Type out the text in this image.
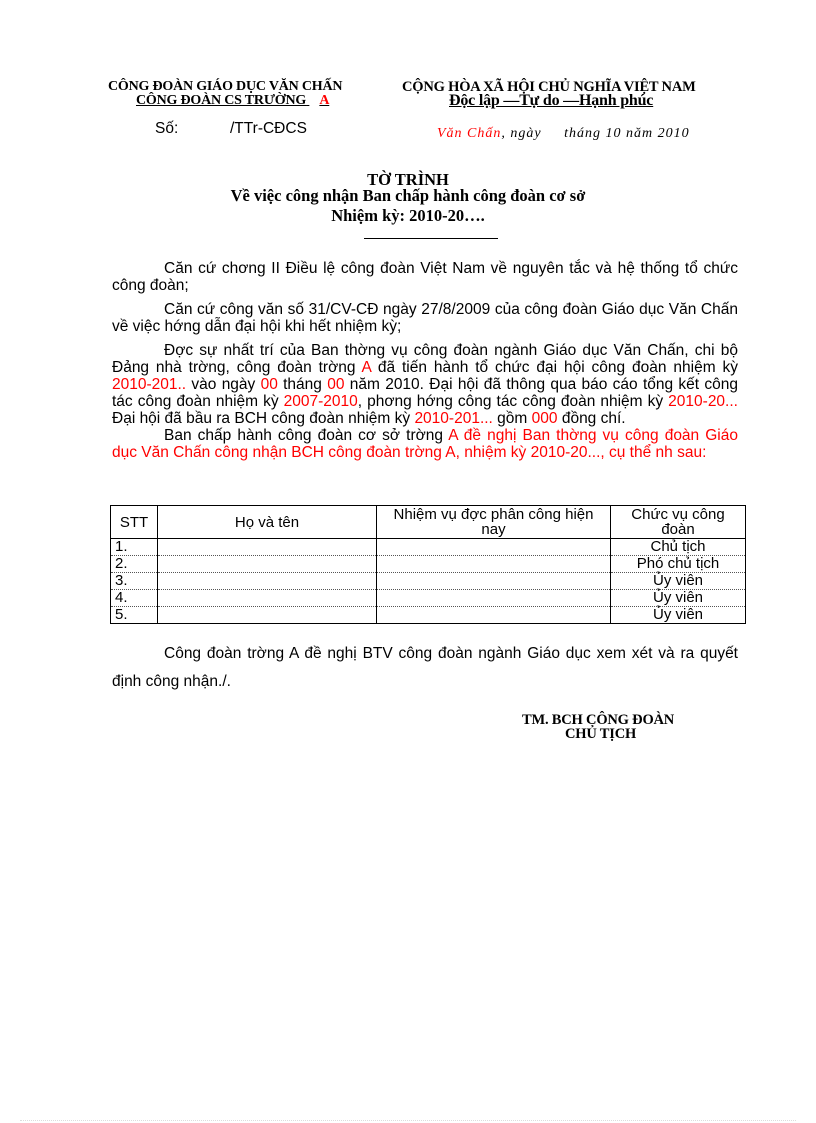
CÔNG ĐOÀN GIÁO DỤC VĂN CHẤN
CÔNG ĐOÀN CS TRƯỜNG A
Số:	/TTr-CĐCS
CỘNG HÒA XÃ HỘI CHỦ NGHĨA VIỆT NAM
Độc lập —Tự do —Hạnh phúc
Văn Chấn, ngày     tháng 10 năm 2010
TỜ TRÌNH
Về việc công nhận Ban chấp hành công đoàn cơ sở
Nhiệm kỳ: 2010-20….

Căn cứ chơng II Điều lệ công đoàn Việt Nam về nguyên tắc và hệ thống tổ chức công đoàn;

Căn cứ công văn số 31/CV-CĐ ngày 27/8/2009 của công đoàn Giáo dục Văn Chấn về việc hớng dẫn đại hội khi hết nhiệm kỳ;

Đợc sự nhất trí của Ban thờng vụ công đoàn ngành Giáo dục Văn Chấn, chi bộ Đảng nhà trờng, công đoàn trờng A đã tiến hành tổ chức đại hội công đoàn nhiệm kỳ 2010-201.. vào ngày 00 tháng 00 năm 2010. Đại hội đã thông qua báo cáo tổng kết công tác công đoàn nhiệm kỳ 2007-2010, phơng hớng công tác công đoàn nhiệm kỳ 2010-20... Đại hội đã bầu ra BCH công đoàn nhiệm kỳ 2010-201... gồm 000 đồng chí.

Ban chấp hành công đoàn cơ sở trờng A đề nghị Ban thờng vụ công đoàn Giáo dục Văn Chấn công nhận BCH công đoàn trờng A, nhiệm kỳ 2010-20..., cụ thể nh sau:

STT	Họ và tên	Nhiệm vụ đợc phân công hiện nay	Chức vụ công đoàn
1.			Chủ tịch
2.			Phó chủ tịch
3.			Ủy viên
4.			Ủy viên
5.			Ủy viên

Công đoàn trờng A đề nghị BTV công đoàn ngành Giáo dục xem xét và ra quyết định công nhận./.

TM. BCH CÔNG ĐOÀN
CHỦ TỊCH
